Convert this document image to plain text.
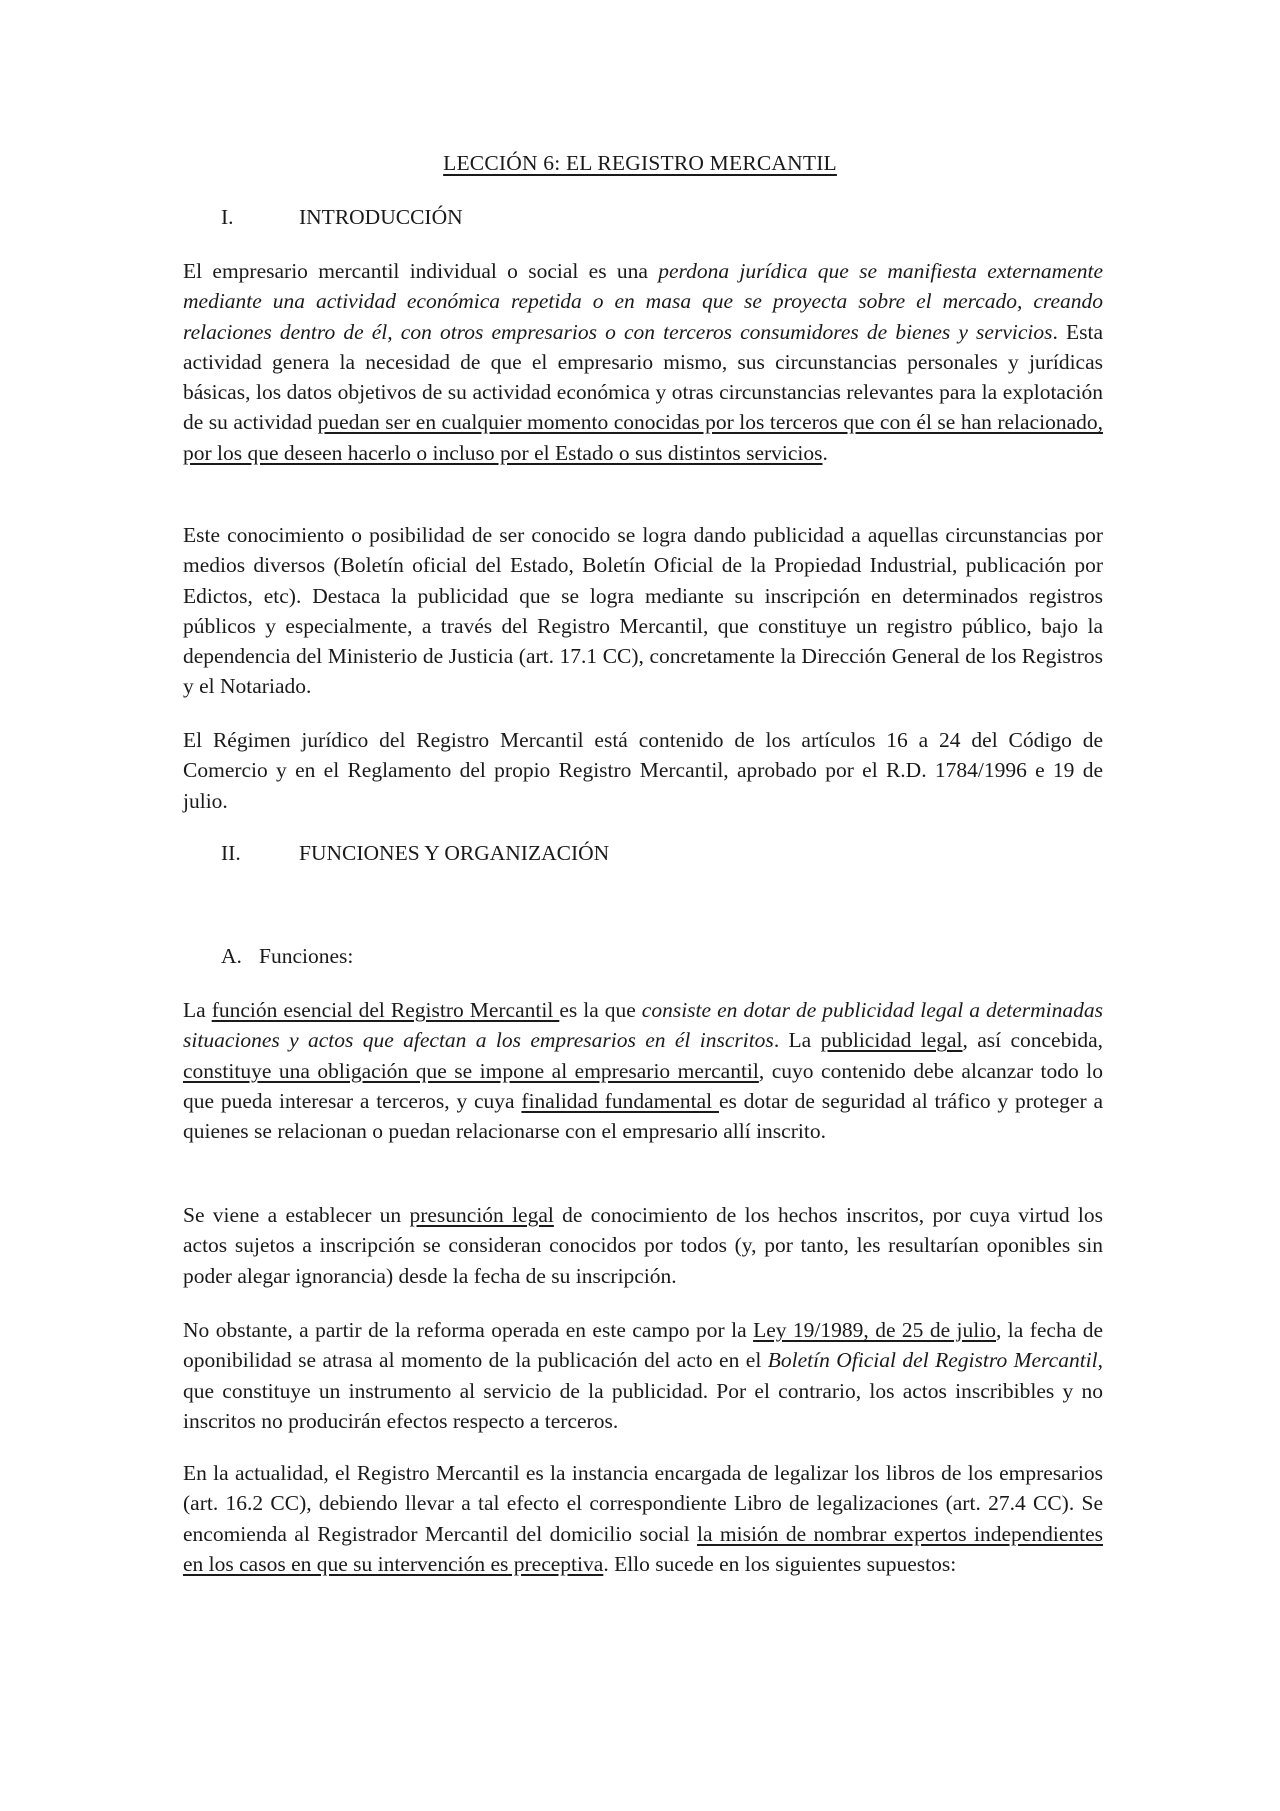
LECCIÓN 6: EL REGISTRO MERCANTIL
I.	INTRODUCCIÓN

El empresario mercantil individual o social es una perdona jurídica que se manifiesta externamente mediante una actividad económica repetida o en masa que se proyecta sobre el mercado, creando relaciones dentro de él, con otros empresarios o con terceros consumidores de bienes y servicios. Esta actividad genera la necesidad de que el empresario mismo, sus circunstancias personales y jurídicas básicas, los datos objetivos de su actividad económica y otras circunstancias relevantes para la explotación de su actividad puedan ser en cualquier momento conocidas por los terceros que con él se han relacionado, por los que deseen hacerlo o incluso por el Estado o sus distintos servicios.

Este conocimiento o posibilidad de ser conocido se logra dando publicidad a aquellas circunstancias por medios diversos (Boletín oficial del Estado, Boletín Oficial de la Propiedad Industrial, publicación por Edictos, etc). Destaca la publicidad que se logra mediante su inscripción en determinados registros públicos y especialmente, a través del Registro Mercantil, que constituye un registro público, bajo la dependencia del Ministerio de Justicia (art. 17.1 CC), concretamente la Dirección General de los Registros y el Notariado.

El Régimen jurídico del Registro Mercantil está contenido de los artículos 16 a 24 del Código de Comercio y en el Reglamento del propio Registro Mercantil, aprobado por el R.D. 1784/1996 e 19 de julio.

II.	FUNCIONES Y ORGANIZACIÓN
A. Funciones:

La función esencial del Registro Mercantil es la que consiste en dotar de publicidad legal a determinadas situaciones y actos que afectan a los empresarios en él inscritos. La publicidad legal, así concebida, constituye una obligación que se impone al empresario mercantil, cuyo contenido debe alcanzar todo lo que pueda interesar a terceros, y cuya finalidad fundamental es dotar de seguridad al tráfico y proteger a quienes se relacionan o puedan relacionarse con el empresario allí inscrito.

Se viene a establecer un presunción legal de conocimiento de los hechos inscritos, por cuya virtud los actos sujetos a inscripción se consideran conocidos por todos (y, por tanto, les resultarían oponibles sin poder alegar ignorancia) desde la fecha de su inscripción.

No obstante, a partir de la reforma operada en este campo por la Ley 19/1989, de 25 de julio, la fecha de oponibilidad se atrasa al momento de la publicación del acto en el Boletín Oficial del Registro Mercantil, que constituye un instrumento al servicio de la publicidad. Por el contrario, los actos inscribibles y no inscritos no producirán efectos respecto a terceros.

En la actualidad, el Registro Mercantil es la instancia encargada de legalizar los libros de los empresarios (art. 16.2 CC), debiendo llevar a tal efecto el correspondiente Libro de legalizaciones (art. 27.4 CC). Se encomienda al Registrador Mercantil del domicilio social la misión de nombrar expertos independientes en los casos en que su intervención es preceptiva. Ello sucede en los siguientes supuestos:
